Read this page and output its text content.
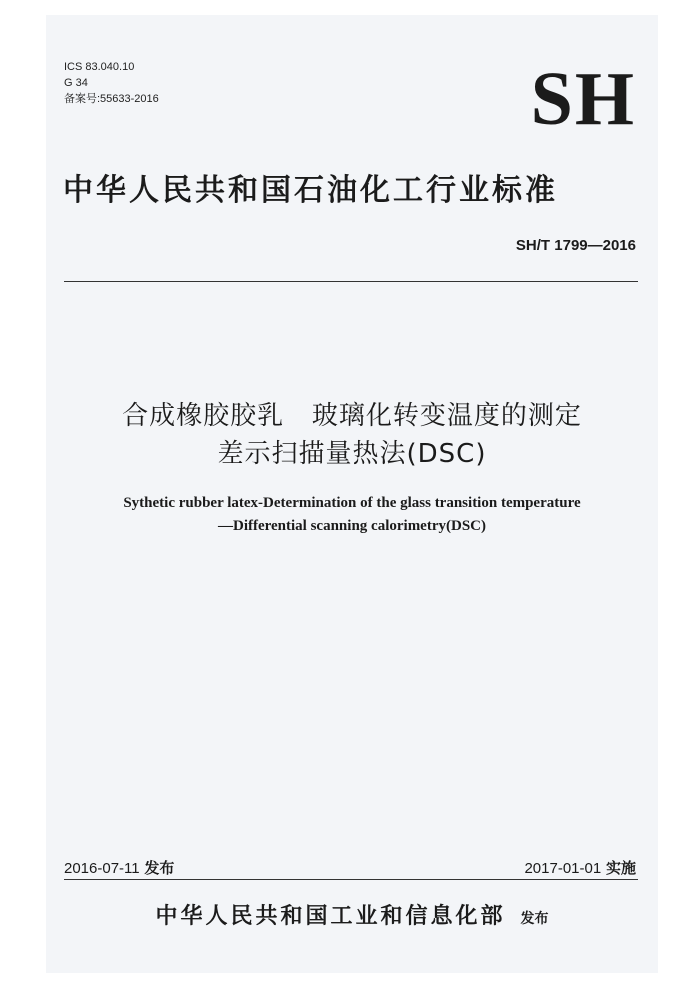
ICS 83.040.10
G 34
备案号:55633-2016	SH
中华人民共和国石油化工行业标准
SH/T 1799—2016
合成橡胶胶乳   玻璃化转变温度的测定
差示扫描量热法(DSC)
Sythetic rubber latex-Determination of the glass transition temperature
—Differential scanning calorimetry(DSC)
2016-07-11 发布	2017-01-01 实施
中华人民共和国工业和信息化部 发布
